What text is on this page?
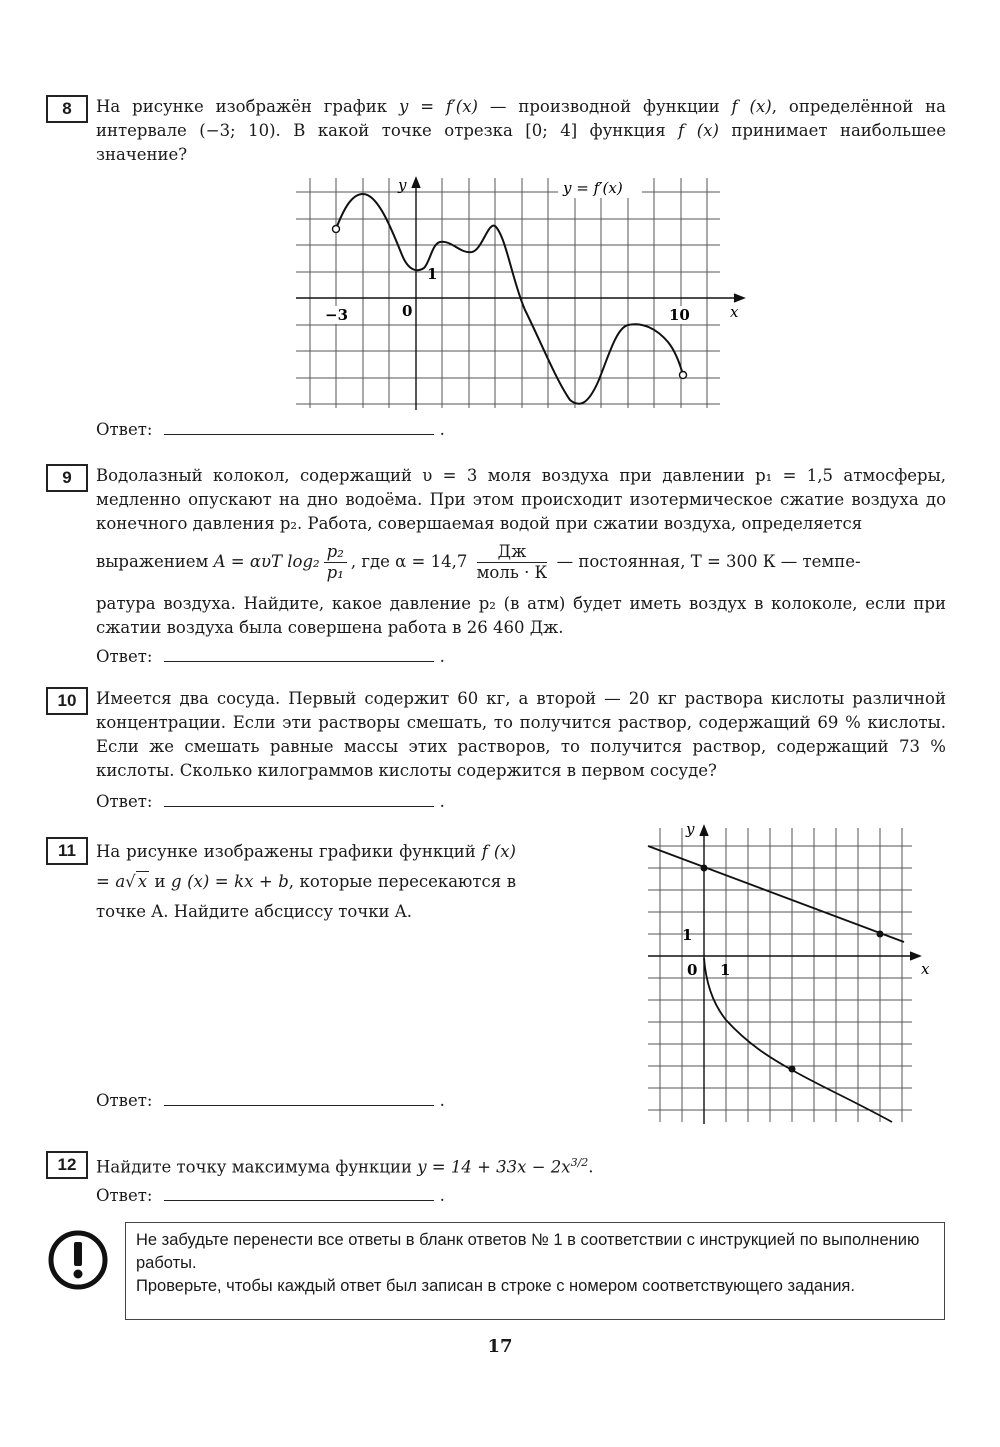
8	На рисунке изображён график y = f′(x) — производной функции f (x), определённой на интервале (−3; 10). В какой точке отрезка [0; 4] функция f (x) принимает наибольшее значение?
y = f′(x)
y
x
−3	0
1
10
Ответ:	.
9	Водолазный колокол, содержащий υ = 3 моля воздуха при давлении p₁ = 1,5 атмосферы, медленно опускают на дно водоёма. При этом происходит изотермическое сжатие воздуха до конечного давления p₂. Работа, совершаемая водой при сжатии воздуха, определяется
выражением A = αυT $\log_2 \frac{\text{p₂}}{\text{p₁}}$ , где $\alpha = 14,7 \frac{Дж}{\text{моль · К}}$ — постоянная, T = 300 К — темпе-
ратура воздуха. Найдите, какое давление p₂ (в атм) будет иметь воздух в колоколе, если при сжатии воздуха была совершена работа в 26 460 Дж.
Ответ:	.
10	Имеется два сосуда. Первый содержит 60 кг, а второй — 20 кг раствора кислоты различной концентрации. Если эти растворы смешать, то получится раствор, содержащий 69 % кислоты. Если же смешать равные массы этих растворов, то получится раствор, содержащий 73 % кислоты. Сколько килограммов кислоты содержится в первом сосуде?
Ответ:	.
11	На рисунке изображены графики функций f (x) = a√ x и g (x) = kx + b, которые пересекаются в точке A. Найдите абсциссу точки A.
y
x
0 1
1
Ответ:	.
12	Найдите точку максимума функции $y = 14 + 33x - 2x^{3/2}$.
Ответ:	.
Не забудьте перенести все ответы в бланк ответов № 1 в соответствии с инструкцией по выполнению работы.
Проверьте, чтобы каждый ответ был записан в строке с номером соответствующего задания.
17
